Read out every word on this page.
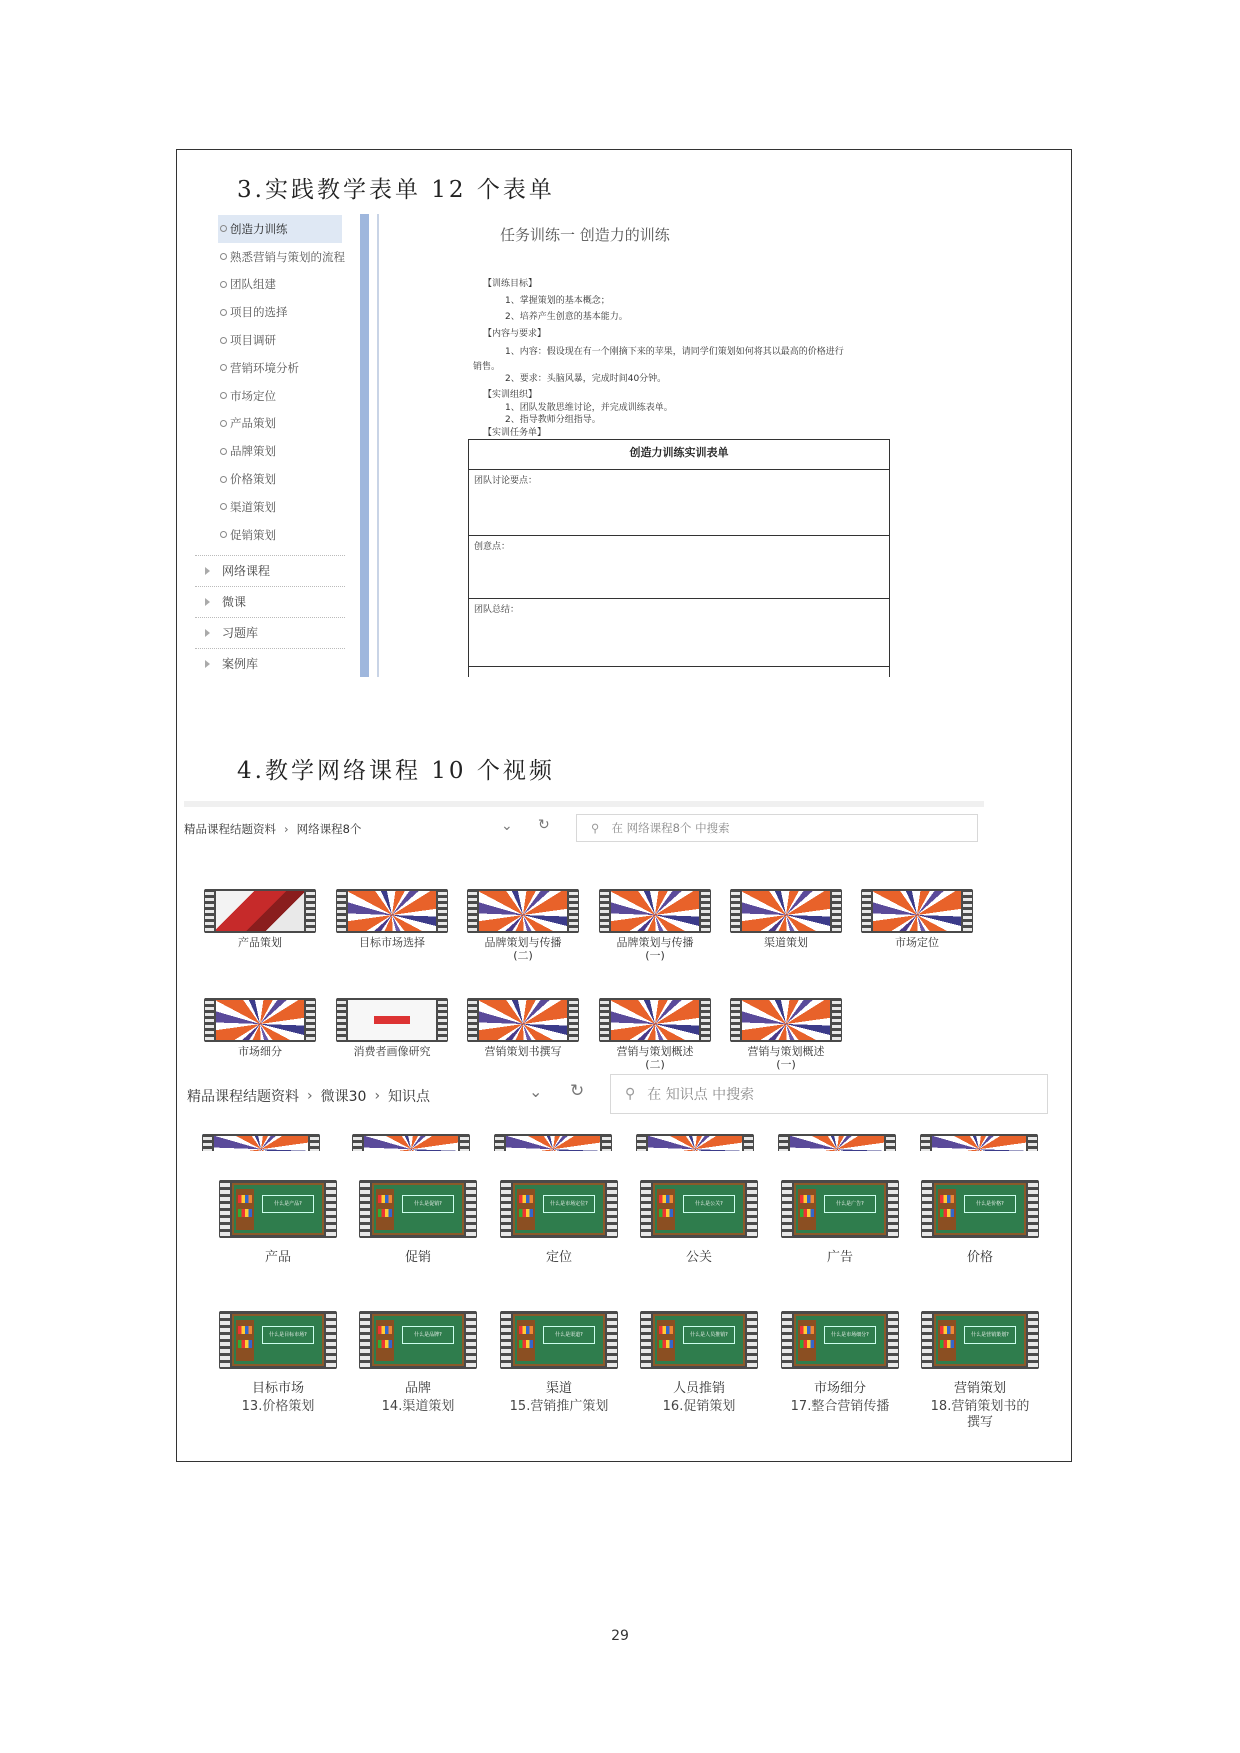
3.实践教学表单 12 个表单
创造力训练
熟悉营销与策划的流程
团队组建
项目的选择
项目调研
营销环境分析
市场定位
产品策划
品牌策划
价格策划
渠道策划
促销策划
网络课程
微课
习题库
案例库
任务训练一 创造力的训练
【训练目标】
1、掌握策划的基本概念；
2、培养产生创意的基本能力。
【内容与要求】
1、内容：假设现在有一个刚摘下来的苹果，请同学们策划如何将其以最高的价格进行
销售。
2、要求：头脑风暴，完成时间40分钟。
【实训组织】
1、团队发散思维讨论，并完成训练表单。
2、指导教师分组指导。
【实训任务单】
创造力训练实训表单
团队讨论要点：
创意点：
团队总结：
4.教学网络课程 10 个视频
精品课程结题资料 › 网络课程8个	⌄ ↻	⚲ 在 网络课程8个 中搜索
产品策划	目标市场选择	品牌策划与传播
(二)
品牌策划与传播
(一)
渠道策划	市场定位
市场细分	消费者画像研究	营销策划书撰写	营销与策划概述
(二)
营销与策划概述
(一)
精品课程结题资料 › 微课30 › 知识点	⌄ ↻	⚲ 在 知识点 中搜索
什么是产品?
产品
什么是促销?
促销
什么是市场定位?
定位
什么是公关?
公关
什么是广告?
广告
什么是价格?
价格
什么是目标市场?
目标市场
什么是品牌?
品牌
什么是渠道?
渠道
什么是人员推销?
人员推销
什么是市场细分?
市场细分
什么是营销策划?
营销策划
13.价格策划	14.渠道策划	15.营销推广策划	16.促销策划	17.整合营销传播	18.营销策划书的
撰写
29
